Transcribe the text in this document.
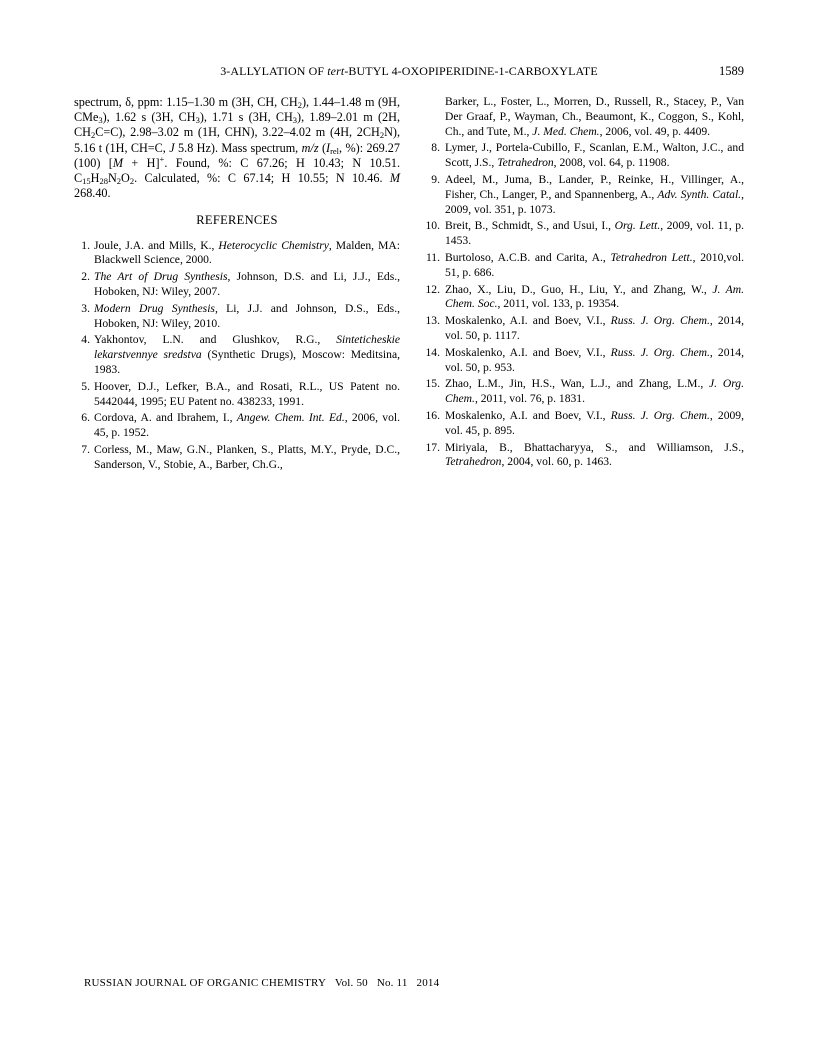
3-ALLYLATION OF tert-BUTYL 4-OXOPIPERIDINE-1-CARBOXYLATE	1589

spectrum, δ, ppm: 1.15–1.30 m (3H, CH, $CH_2$), 1.44–1.48 m (9H, CMe$_3$), 1.62 s (3H, $CH_3$), 1.71 s (3H, $CH_3$), 1.89–2.01 m (2H, $CH_2C=C$), 2.98–3.02 m (1H, CHN), 3.22–4.02 m (4H, $2CH_2N$), 5.16 t (1H, CH=C, J 5.8 Hz). Mass spectrum, m/z ($I_{rel}$, %): 269.27 (100) [M + H]+. Found, %: C 67.26; H 10.43; N 10.51. $C_{15}H_{28}N_2O_2$. Calculated, %: C 67.14; H 10.55; N 10.46. M 268.40.

REFERENCES
1. Joule, J.A. and Mills, K., Heterocyclic Chemistry, Malden, MA: Blackwell Science, 2000.
2. The Art of Drug Synthesis, Johnson, D.S. and Li, J.J., Eds., Hoboken, NJ: Wiley, 2007.
3. Modern Drug Synthesis, Li, J.J. and Johnson, D.S., Eds., Hoboken, NJ: Wiley, 2010.
4. Yakhontov, L.N. and Glushkov, R.G., Sinteticheskie lekarstvennye sredstva (Synthetic Drugs), Moscow: Meditsina, 1983.
5. Hoover, D.J., Lefker, B.A., and Rosati, R.L., US Patent no. 5442044, 1995; EU Patent no. 438233, 1991.
6. Cordova, A. and Ibrahem, I., Angew. Chem. Int. Ed., 2006, vol. 45, p. 1952.
7. Corless, M., Maw, G.N., Planken, S., Platts, M.Y., Pryde, D.C., Sanderson, V., Stobie, A., Barber, Ch.G.,
Barker, L., Foster, L., Morren, D., Russell, R., Stacey, P., Van Der Graaf, P., Wayman, Ch., Beaumont, K., Coggon, S., Kohl, Ch., and Tute, M., J. Med. Chem., 2006, vol. 49, p. 4409.
8. Lymer, J., Portela-Cubillo, F., Scanlan, E.M., Walton, J.C., and Scott, J.S., Tetrahedron, 2008, vol. 64, p. 11908.
9. Adeel, M., Juma, B., Lander, P., Reinke, H., Villinger, A., Fisher, Ch., Langer, P., and Spannenberg, A., Adv. Synth. Catal., 2009, vol. 351, p. 1073.
10. Breit, B., Schmidt, S., and Usui, I., Org. Lett., 2009, vol. 11, p. 1453.
11. Burtoloso, A.C.B. and Carita, A., Tetrahedron Lett., 2010,vol. 51, p. 686.
12. Zhao, X., Liu, D., Guo, H., Liu, Y., and Zhang, W., J. Am. Chem. Soc., 2011, vol. 133, p. 19354.
13. Moskalenko, A.I. and Boev, V.I., Russ. J. Org. Chem., 2014, vol. 50, p. 1117.
14. Moskalenko, A.I. and Boev, V.I., Russ. J. Org. Chem., 2014, vol. 50, p. 953.
15. Zhao, L.M., Jin, H.S., Wan, L.J., and Zhang, L.M., J. Org. Chem., 2011, vol. 76, p. 1831.
16. Moskalenko, A.I. and Boev, V.I., Russ. J. Org. Chem., 2009, vol. 45, p. 895.
17. Miriyala, B., Bhattacharyya, S., and Williamson, J.S., Tetrahedron, 2004, vol. 60, p. 1463.
RUSSIAN JOURNAL OF ORGANIC CHEMISTRY Vol. 50 No. 11 2014
